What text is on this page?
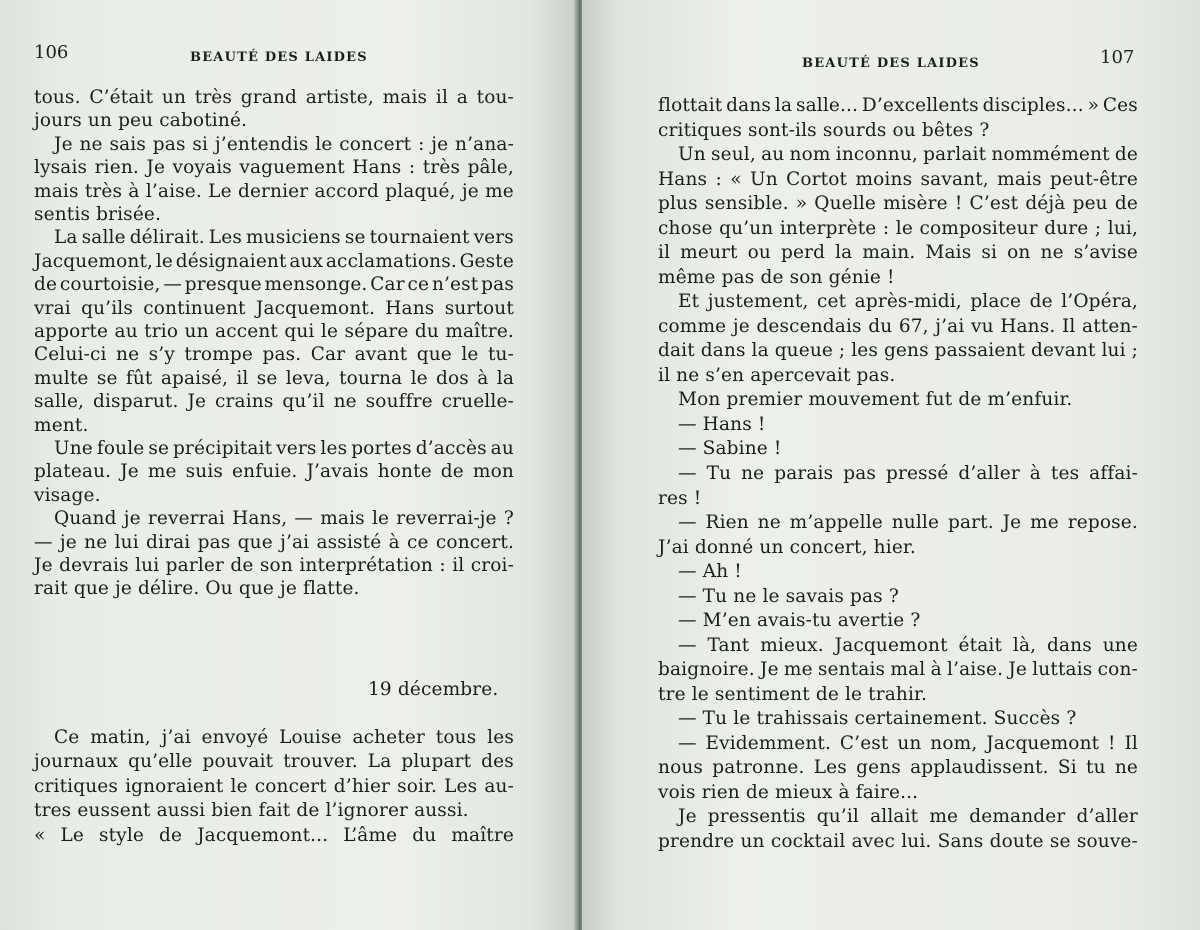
106	BEAUTÉ DES LAIDES
tous. C’était un très grand artiste, mais il a tou-
jours un peu cabotiné.
Je ne sais pas si j’entendis le concert : je n’ana-
lysais rien. Je voyais vaguement Hans : très pâle,
mais très à l’aise. Le dernier accord plaqué, je me
sentis brisée.
La salle délirait. Les musiciens se tournaient vers
Jacquemont, le désignaient aux acclamations. Geste
de courtoisie, — presque mensonge. Car ce n’est pas
vrai qu’ils continuent Jacquemont. Hans surtout
apporte au trio un accent qui le sépare du maître.
Celui-ci ne s’y trompe pas. Car avant que le tu-
multe se fût apaisé, il se leva, tourna le dos à la
salle, disparut. Je crains qu’il ne souffre cruelle-
ment.
Une foule se précipitait vers les portes d’accès au
plateau. Je me suis enfuie. J’avais honte de mon
visage.
Quand je reverrai Hans, — mais le reverrai-je ?
— je ne lui dirai pas que j’ai assisté à ce concert.
Je devrais lui parler de son interprétation : il croi-
rait que je délire. Ou que je flatte.
19 décembre.
Ce matin, j’ai envoyé Louise acheter tous les
journaux qu’elle pouvait trouver. La plupart des
critiques ignoraient le concert d’hier soir. Les au-
tres eussent aussi bien fait de l’ignorer aussi.
« Le style de Jacquemont... L’âme du maître
BEAUTÉ DES LAIDES	107
flottait dans la salle... D’excellents disciples... » Ces
critiques sont-ils sourds ou bêtes ?
Un seul, au nom inconnu, parlait nommément de
Hans : « Un Cortot moins savant, mais peut-être
plus sensible. » Quelle misère ! C’est déjà peu de
chose qu’un interprète : le compositeur dure ; lui,
il meurt ou perd la main. Mais si on ne s’avise
même pas de son génie !
Et justement, cet après-midi, place de l’Opéra,
comme je descendais du 67, j’ai vu Hans. Il atten-
dait dans la queue ; les gens passaient devant lui ;
il ne s’en apercevait pas.
Mon premier mouvement fut de m’enfuir.
— Hans !
— Sabine !
— Tu ne parais pas pressé d’aller à tes affai-
res !
— Rien ne m’appelle nulle part. Je me repose.
J’ai donné un concert, hier.
— Ah !
— Tu ne le savais pas ?
— M’en avais-tu avertie ?
— Tant mieux. Jacquemont était là, dans une
baignoire. Je me sentais mal à l’aise. Je luttais con-
tre le sentiment de le trahir.
— Tu le trahissais certainement. Succès ?
— Evidemment. C’est un nom, Jacquemont ! Il
nous patronne. Les gens applaudissent. Si tu ne
vois rien de mieux à faire...
Je pressentis qu’il allait me demander d’aller
prendre un cocktail avec lui. Sans doute se souve-
